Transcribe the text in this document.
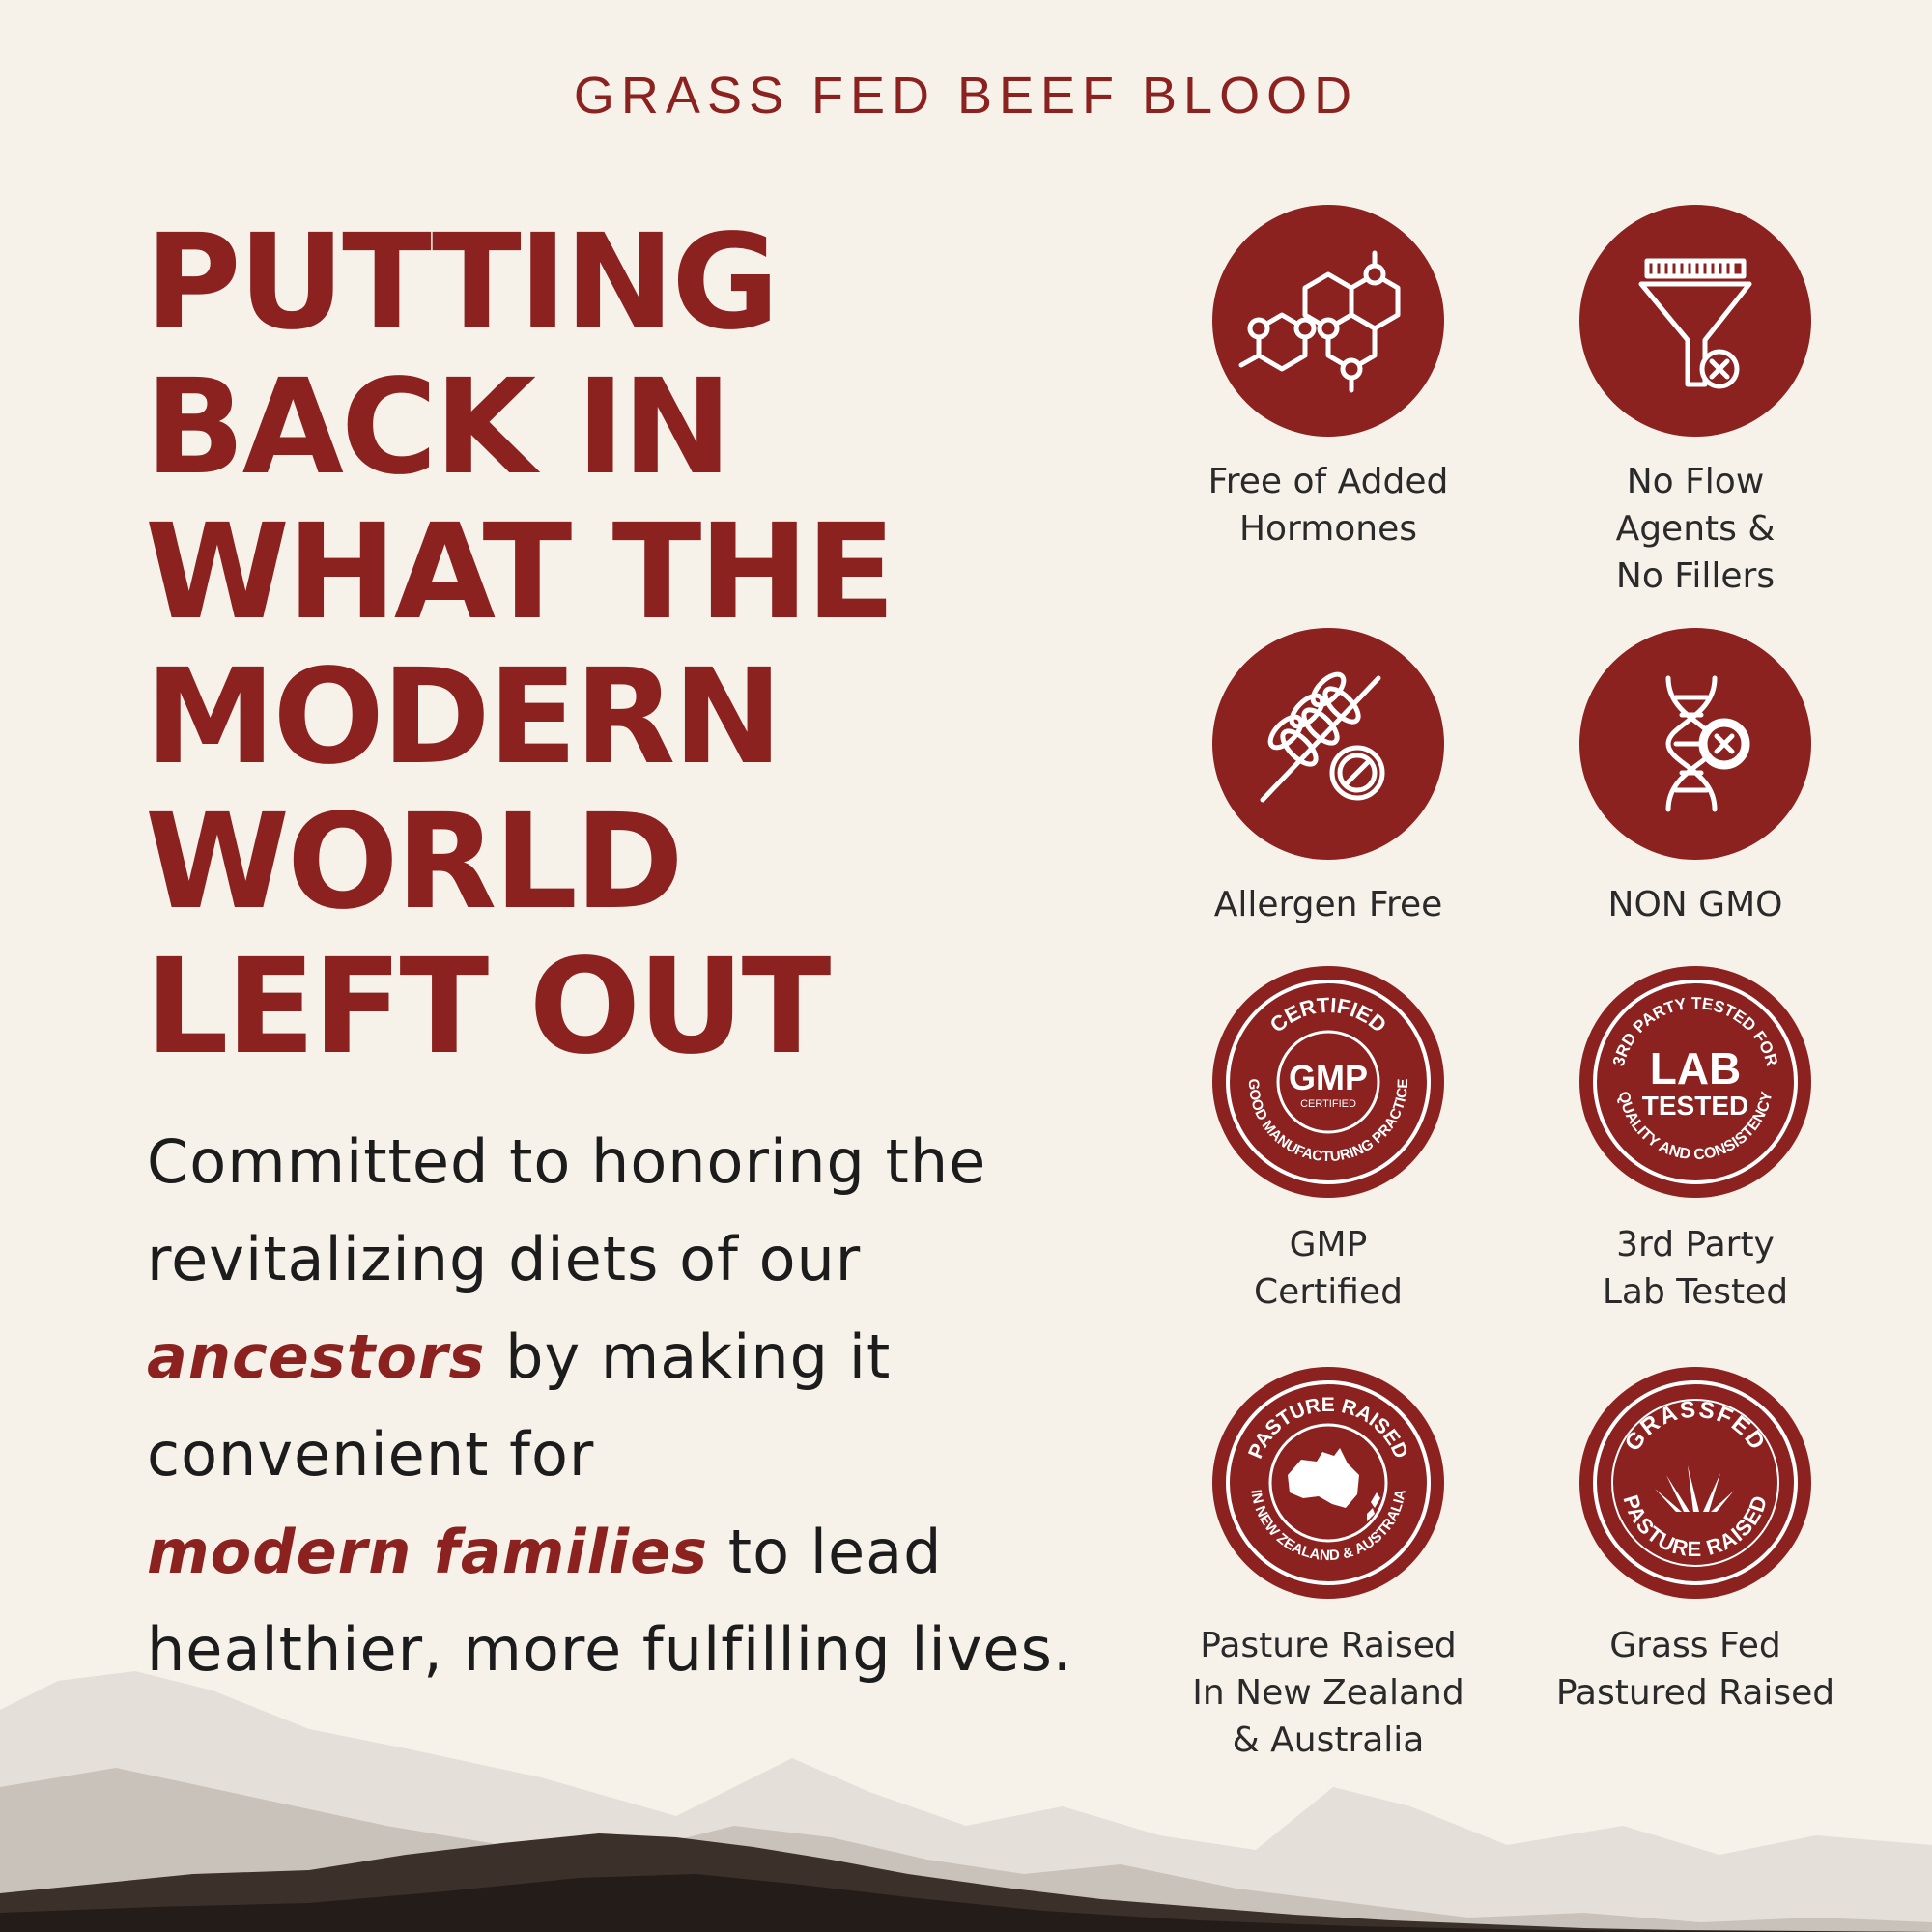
GRASS FED BEEF BLOOD
PUTTING
BACK IN
WHAT THE
MODERN
WORLD
LEFT OUT
Committed to honoring the revitalizing diets of our ancestors by making it convenient for
modern families to lead healthier, more fulfilling lives.
Free of Added
Hormones
No Flow
Agents &
No Fillers
Allergen Free	NON GMO
CERTIFIED
GOOD MANUFACTURING PRACTICE
GMP
CERTIFIED
GMP
Certified
3RD PARTY TESTED FOR
QUALITY AND CONSISTENCY
LAB
TESTED
3rd Party
Lab Tested
PASTURE RAISED
IN NEW ZEALAND & AUSTRALIA
Pasture Raised
In New Zealand
& Australia
GRASSFED
PASTURE RAISED
Grass Fed
Pastured Raised
